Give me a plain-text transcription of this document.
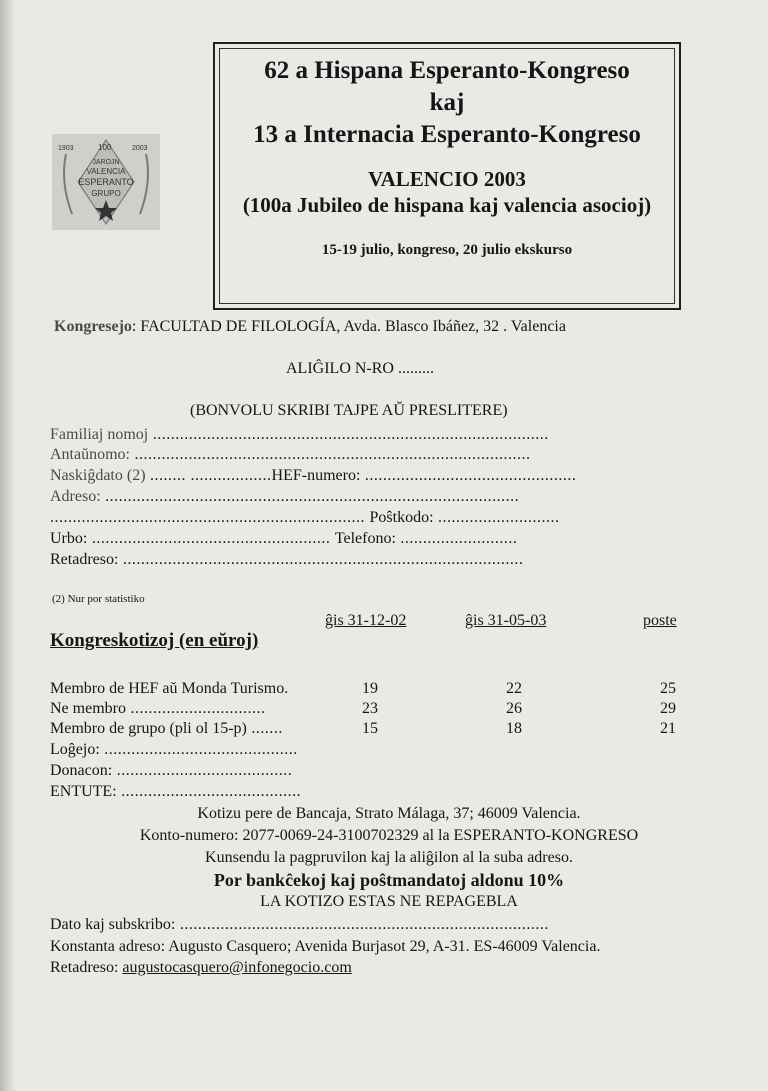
1903	100	2003
JAROJN
VALENCIA
ESPERANTO
GRUPO
62 a Hispana Esperanto-Kongreso
kaj
13 a Internacia Esperanto-Kongreso
VALENCIO 2003
(100a Jubileo de hispana kaj valencia asocioj)
15-19 julio, kongreso, 20 julio ekskurso
Kongresejo: FACULTAD DE FILOLOGÍA, Avda. Blasco Ibáñez, 32 . Valencia
ALIĜILO N-RO .........
(BONVOLU SKRIBI TAJPE AŬ PRESLITERE)
Familiaj nomoj ........................................................................................
Antaŭnomo: ........................................................................................
Naskiĝdato (2) ........ ..................HEF-numero: ...............................................
Adreso: ............................................................................................
...................................................................... Poŝtkodo: ...........................
Urbo: ..................................................... Telefono: ..........................
Retadreso: .........................................................................................
(2) Nur por statistiko
ĝis 31-12-02	ĝis 31-05-03	poste
Kongreskotizoj (en eŭroj)
Membro de HEF aŭ Monda Turismo.	19	22	25
Ne membro ..............................	23	26	29
Membro de grupo (pli ol 15-p) .......	15	18	21
Loĝejo: ...........................................
Donacon: .......................................
ENTUTE: ........................................
Kotizu pere de Bancaja, Strato Málaga, 37; 46009 Valencia.
Konto-numero: 2077-0069-24-3100702329 al la ESPERANTO-KONGRESO
Kunsendu la pagpruvilon kaj la aliĝilon al la suba adreso.
Por bankĉekoj kaj poŝtmandatoj aldonu 10%
LA KOTIZO ESTAS NE REPAGEBLA
Dato kaj subskribo: ..................................................................................
Konstanta adreso: Augusto Casquero; Avenida Burjasot 29, A-31. ES-46009 Valencia.
Retadreso: augustocasquero@infonegocio.com
